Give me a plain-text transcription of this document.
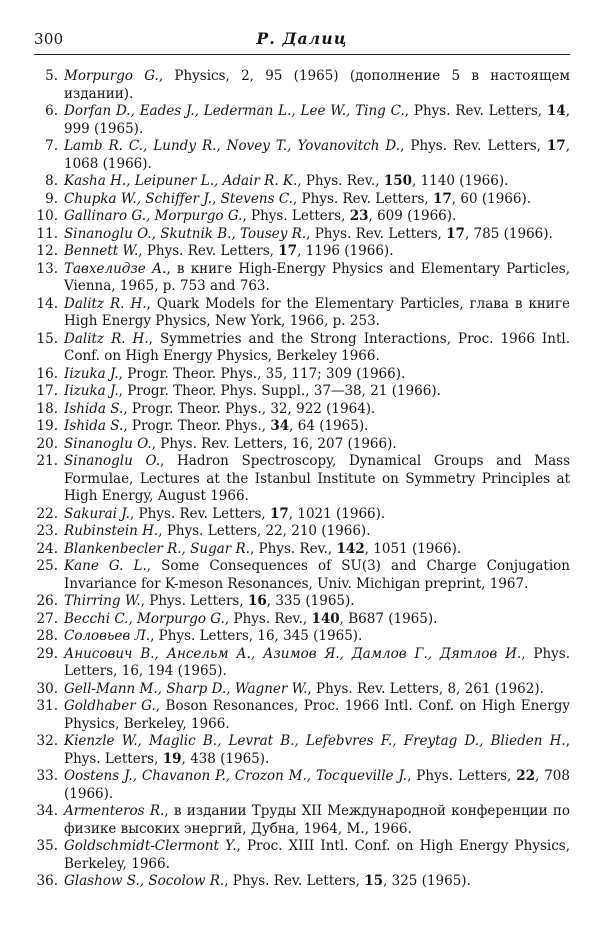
300	Р. Далиц
5. Morpurgo G., Physics, 2, 95 (1965) (дополнение 5 в настоящем издании).
6. Dorfan D., Eades J., Lederman L., Lee W., Ting C., Phys. Rev. Letters, 14, 999 (1965).
7. Lamb R. C., Lundy R., Novey T., Yovanovitch D., Phys. Rev. Letters, 17, 1068 (1966).
8. Kasha H., Leipuner L., Adair R. K., Phys. Rev., 150, 1140 (1966).
9. Chupka W., Schiffer J., Stevens C., Phys. Rev. Letters, 17, 60 (1966).
10. Gallinaro G., Morpurgo G., Phys. Letters, 23, 609 (1966).
11. Sinanoglu O., Skutnik B., Tousey R., Phys. Rev. Letters, 17, 785 (1966).
12. Bennett W., Phys. Rev. Letters, 17, 1196 (1966).
13. Тавхелидзе А., в книге High-Energy Physics and Elementary Particles, Vienna, 1965, p. 753 and 763.
14. Dalitz R. H., Quark Models for the Elementary Particles, глава в книге High Energy Physics, New York, 1966, p. 253.
15. Dalitz R. H., Symmetries and the Strong Interactions, Proc. 1966 Intl. Conf. on High Energy Physics, Berkeley 1966.
16. Iizuka J., Progr. Theor. Phys., 35, 117; 309 (1966).
17. Iizuka J., Progr. Theor. Phys. Suppl., 37—38, 21 (1966).
18. Ishida S., Progr. Theor. Phys., 32, 922 (1964).
19. Ishida S., Progr. Theor. Phys., 34, 64 (1965).
20. Sinanoglu O., Phys. Rev. Letters, 16, 207 (1966).
21. Sinanoglu O., Hadron Spectroscopy, Dynamical Groups and Mass Formulae, Lectures at the Istanbul Institute on Symmetry Principles at High Energy, August 1966.
22. Sakurai J., Phys. Rev. Letters, 17, 1021 (1966).
23. Rubinstein H., Phys. Letters, 22, 210 (1966).
24. Blankenbecler R., Sugar R., Phys. Rev., 142, 1051 (1966).
25. Kane G. L., Some Consequences of SU(3) and Charge Conjugation Invariance for K-meson Resonances, Univ. Michigan preprint, 1967.
26. Thirring W., Phys. Letters, 16, 335 (1965).
27. Becchi C., Morpurgo G., Phys. Rev., 140, B687 (1965).
28. Соловьев Л., Phys. Letters, 16, 345 (1965).
29. Анисович В., Ансельм А., Азимов Я., Дамлов Г., Дятлов И., Phys. Letters, 16, 194 (1965).
30. Gell-Mann M., Sharp D., Wagner W., Phys. Rev. Letters, 8, 261 (1962).
31. Goldhaber G., Boson Resonances, Proc. 1966 Intl. Conf. on High Energy Physics, Berkeley, 1966.
32. Kienzle W., Maglic B., Levrat B., Lefebvres F., Freytag D., Blieden H., Phys. Letters, 19, 438 (1965).
33. Oostens J., Chavanon P., Crozon M., Tocqueville J., Phys. Letters, 22, 708 (1966).
34. Armenteros R., в издании Труды XII Международной конференции по физике высоких энергий, Дубна, 1964, М., 1966.
35. Goldschmidt-Clermont Y., Proc. XIII Intl. Conf. on High Energy Physics, Berkeley, 1966.
36. Glashow S., Socolow R., Phys. Rev. Letters, 15, 325 (1965).
